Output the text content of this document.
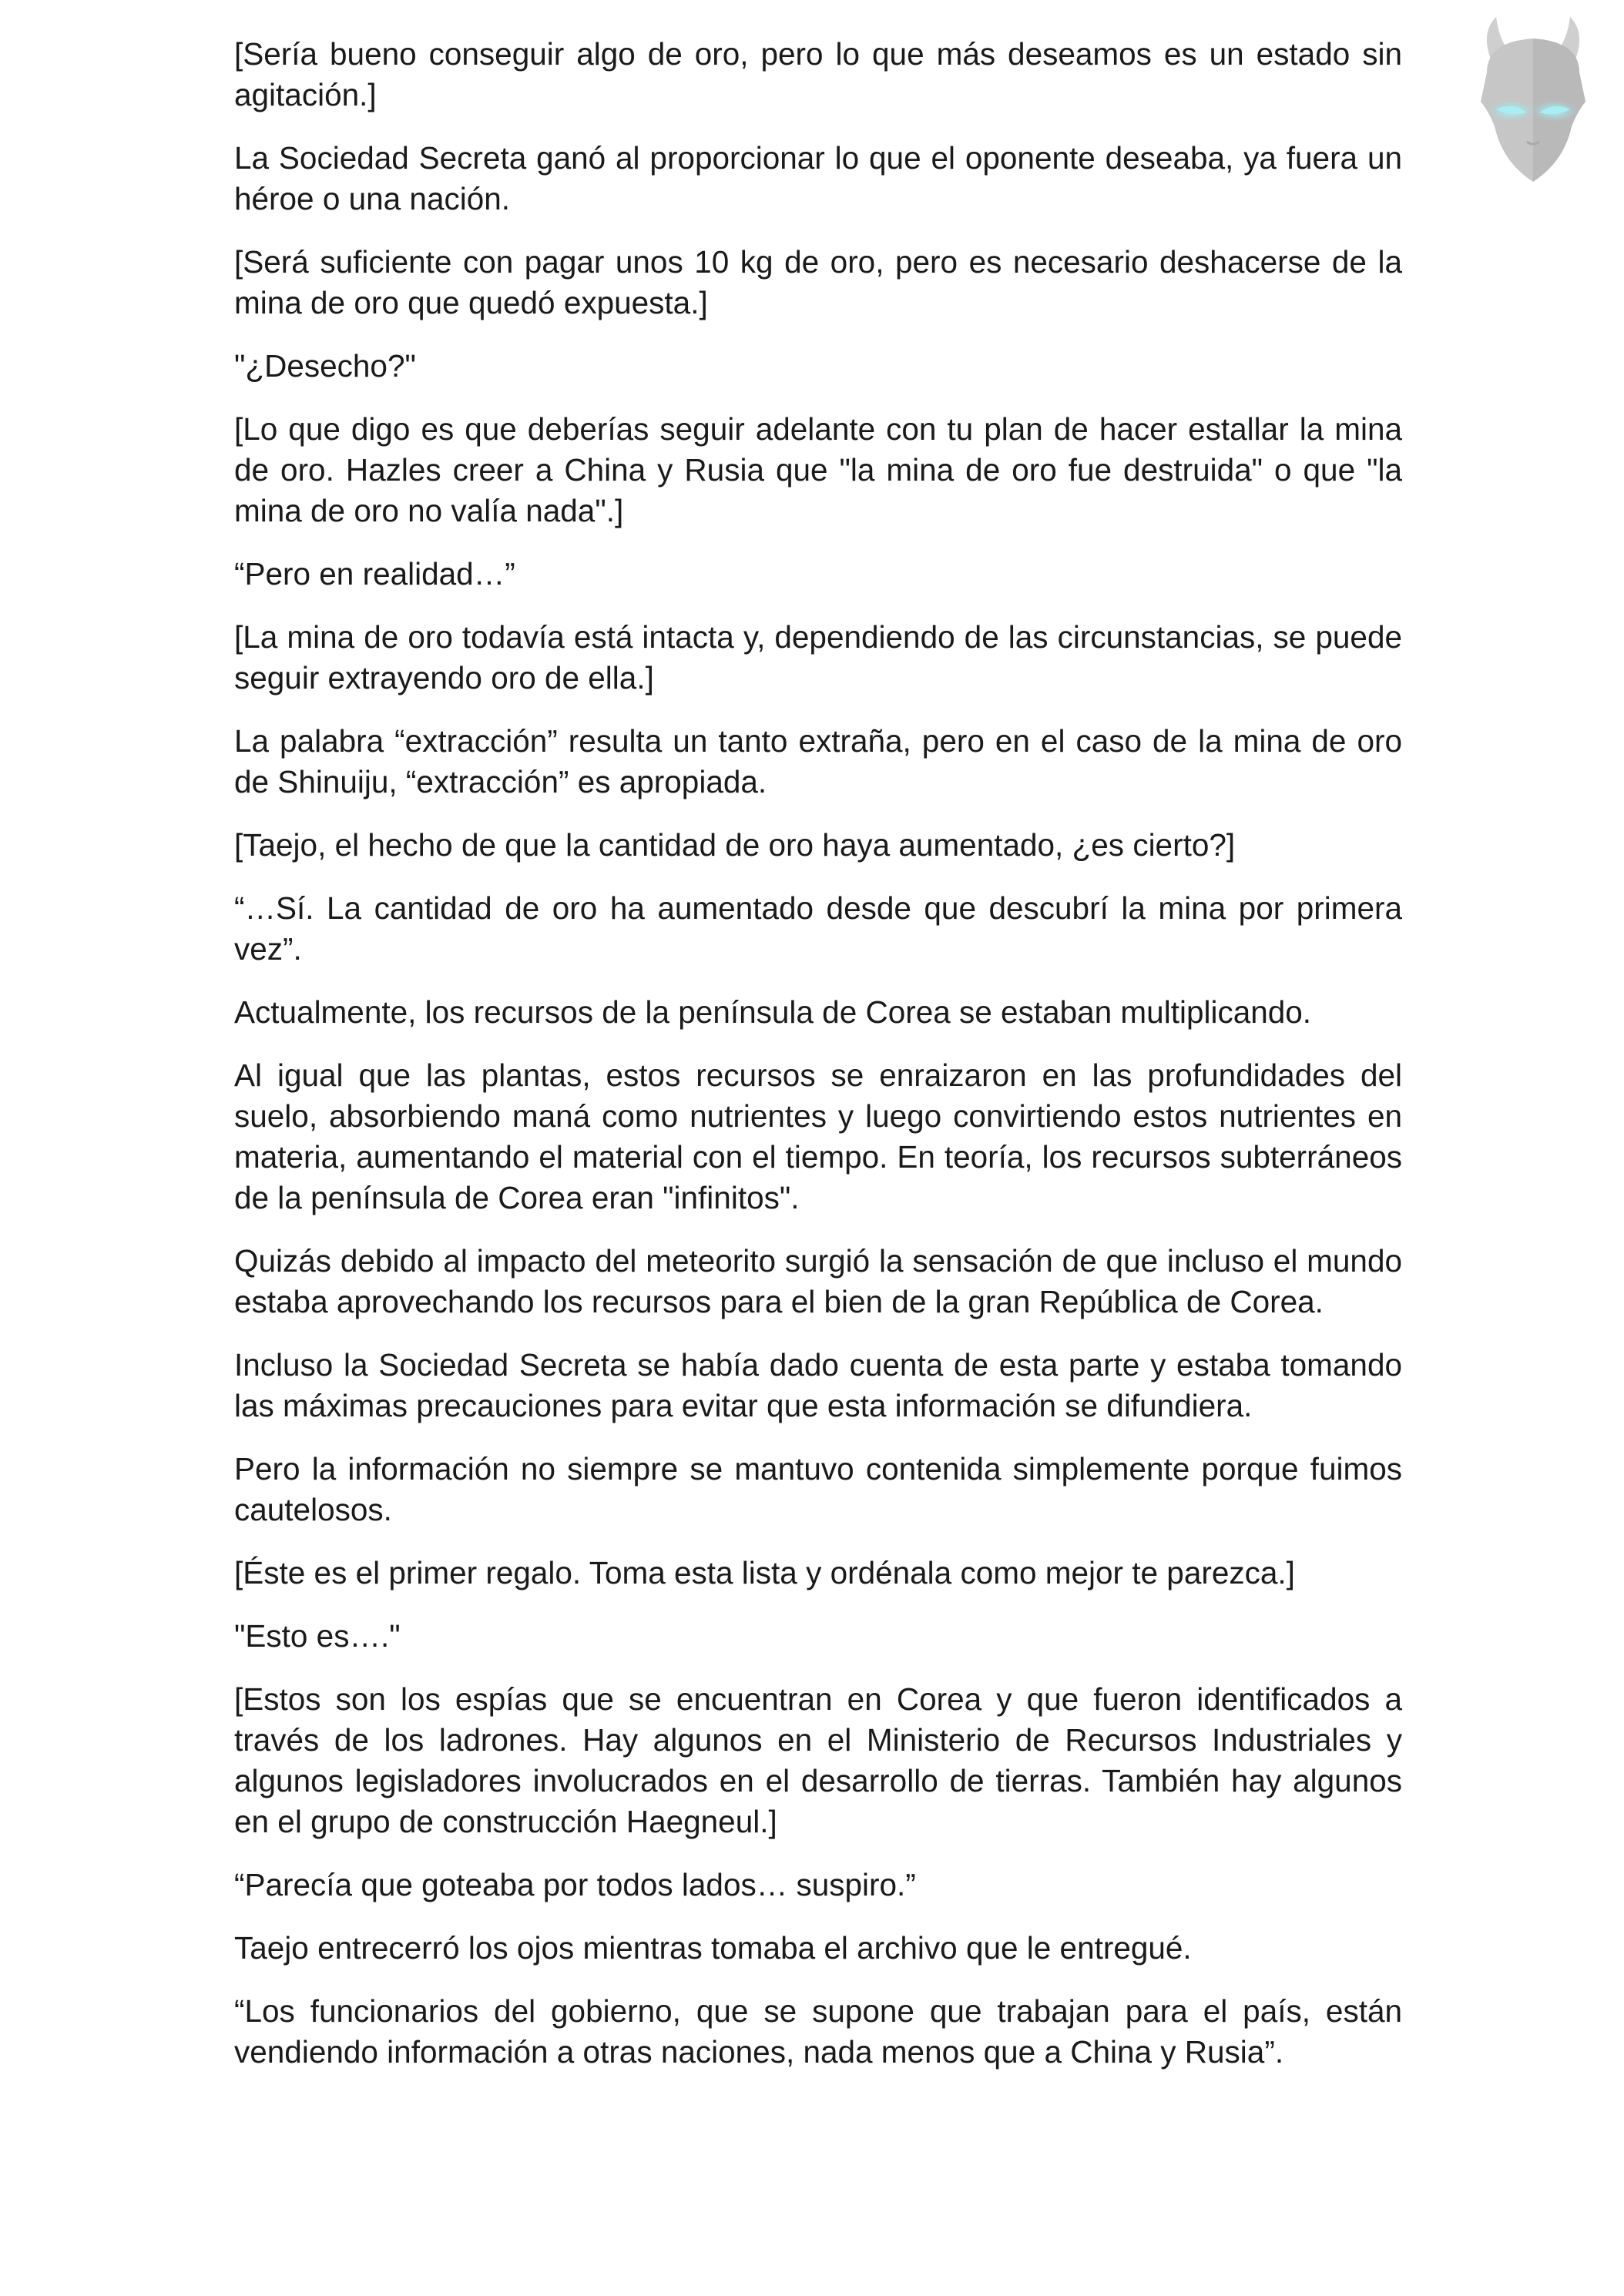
[Sería bueno conseguir algo de oro, pero lo que más deseamos es un estado sin agitación.]

La Sociedad Secreta ganó al proporcionar lo que el oponente deseaba, ya fuera un héroe o una nación.

[Será suficiente con pagar unos 10 kg de oro, pero es necesario deshacerse de la mina de oro que quedó expuesta.]

"¿Desecho?"

[Lo que digo es que deberías seguir adelante con tu plan de hacer estallar la mina de oro. Hazles creer a China y Rusia que "la mina de oro fue destruida" o que "la mina de oro no valía nada".]

“Pero en realidad…”

[La mina de oro todavía está intacta y, dependiendo de las circunstancias, se puede seguir extrayendo oro de ella.]

La palabra “extracción” resulta un tanto extraña, pero en el caso de la mina de oro de Shinuiju, “extracción” es apropiada.

[Taejo, el hecho de que la cantidad de oro haya aumentado, ¿es cierto?]

“…Sí. La cantidad de oro ha aumentado desde que descubrí la mina por primera vez”.

Actualmente, los recursos de la península de Corea se estaban multiplicando.

Al igual que las plantas, estos recursos se enraizaron en las profundidades del suelo, absorbiendo maná como nutrientes y luego convirtiendo estos nutrientes en materia, aumentando el material con el tiempo. En teoría, los recursos subterráneos de la península de Corea eran "infinitos".

Quizás debido al impacto del meteorito surgió la sensación de que incluso el mundo estaba aprovechando los recursos para el bien de la gran República de Corea.

Incluso la Sociedad Secreta se había dado cuenta de esta parte y estaba tomando las máximas precauciones para evitar que esta información se difundiera.

Pero la información no siempre se mantuvo contenida simplemente porque fuimos cautelosos.

[Éste es el primer regalo. Toma esta lista y ordénala como mejor te parezca.]

"Esto es…."

[Estos son los espías que se encuentran en Corea y que fueron identificados a través de los ladrones. Hay algunos en el Ministerio de Recursos Industriales y algunos legisladores involucrados en el desarrollo de tierras. También hay algunos en el grupo de construcción Haegneul.]

“Parecía que goteaba por todos lados… suspiro.”

Taejo entrecerró los ojos mientras tomaba el archivo que le entregué.

“Los funcionarios del gobierno, que se supone que trabajan para el país, están vendiendo información a otras naciones, nada menos que a China y Rusia”.
